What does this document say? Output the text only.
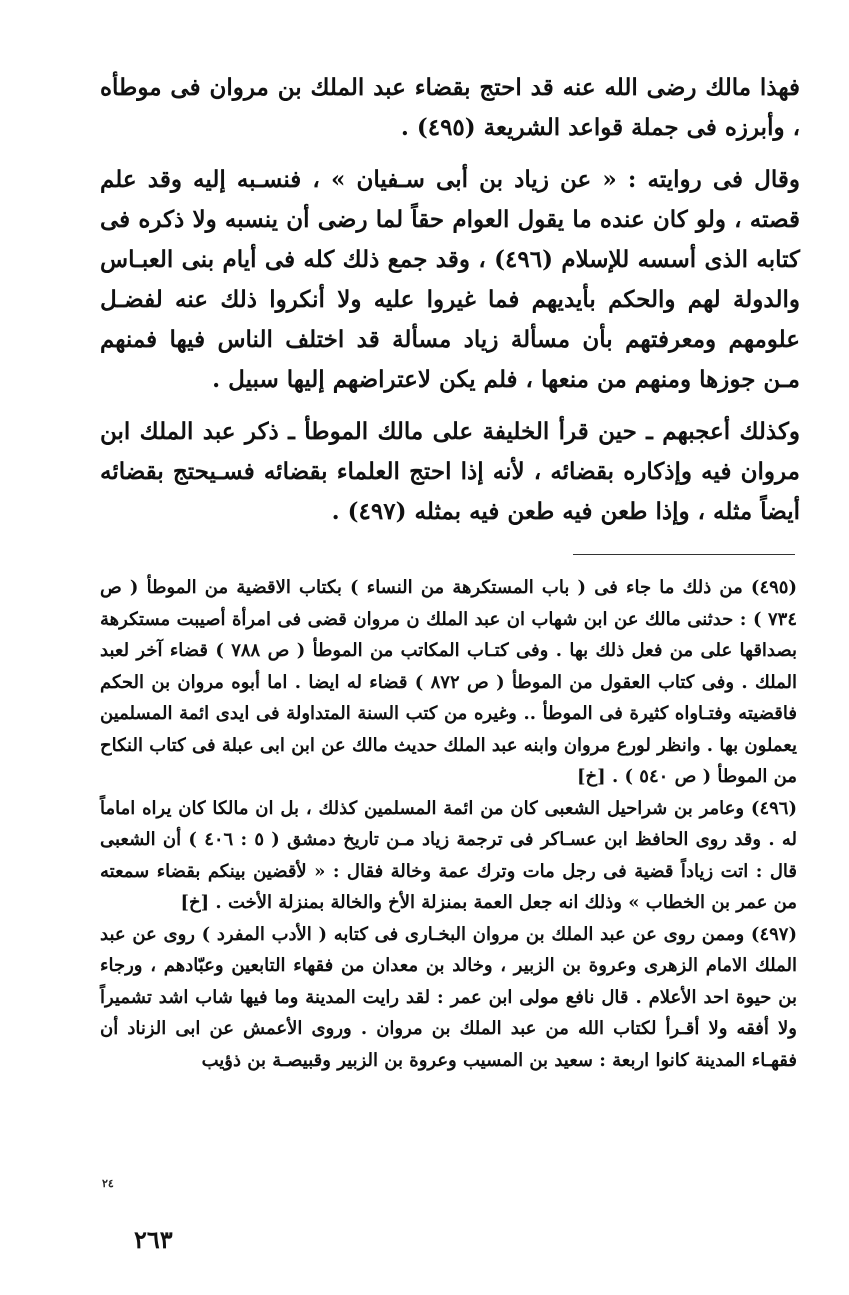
فهذا مالك رضى الله عنه قد احتج بقضاء عبد الملك بن مروان فى موطأه ، وأبرزه فى جملة قواعد الشريعة (٤٩٥) .

وقال فى روايته : « عن زياد بن أبى سـفيان » ، فنسـبه إليه وقد علم قصته ، ولو كان عنده ما يقول العوام حقاً لما رضى أن ينسبه ولا ذكره فى كتابه الذى أسسه للإسلام (٤٩٦) ، وقد جمع ذلك كله فى أيام بنى العبـاس والدولة لهم والحكم بأيديهم فما غيروا عليه ولا أنكروا ذلك عنه لفضـل علومهم ومعرفتهم بأن مسألة زياد مسألة قد اختلف الناس فيها فمنهم مـن جوزها ومنهم من منعها ، فلم يكن لاعتراضهم إليها سبيل .

وكذلك أعجبهم ـ حين قرأ الخليفة على مالك الموطأ ـ ذكر عبد الملك ابن مروان فيه وإذكاره بقضائه ، لأنه إذا احتج العلماء بقضائه فسـيحتج بقضائه أيضاً مثله ، وإذا طعن فيه طعن فيه بمثله (٤٩٧) .

(٤٩٥) من ذلك ما جاء فى ( باب المستكرهة من النساء ) بكتاب الاقضية من الموطأ ( ص ٧٣٤ ) : حدثنى مالك عن ابن شهاب ان عبد الملك ن مروان قضى فى امرأة أصيبت مستكرهة بصداقها على من فعل ذلك بها . وفى كتـاب المكاتب من الموطأ ( ص ٧٨٨ ) قضاء آخر لعبد الملك . وفى كتاب العقول من الموطأ ( ص ٨٧٢ ) قضاء له ايضا . اما أبوه مروان بن الحكم فاقضيته وفتـاواه كثيرة فى الموطأ .. وغيره من كتب السنة المتداولة فى ايدى ائمة المسلمين يعملون بها . وانظر لورع مروان وابنه عبد الملك حديث مالك عن ابن ابى عبلة فى كتاب النكاح من الموطأ ( ص ٥٤٠ ) . [خ]

(٤٩٦) وعامر بن شراحيل الشعبى كان من ائمة المسلمين كذلك ، بل ان مالكا كان يراه اماماً له . وقد روى الحافظ ابن عسـاكر فى ترجمة زياد مـن تاريخ دمشق ( ٥ : ٤٠٦ ) أن الشعبى قال : اتت زياداً قضية فى رجل مات وترك عمة وخالة فقال : « لأقضين بينكم بقضاء سمعته من عمر بن الخطاب » وذلك انه جعل العمة بمنزلة الأخ والخالة بمنزلة الأخت . [خ]

(٤٩٧) وممن روى عن عبد الملك بن مروان البخـارى فى كتابه ( الأدب المفرد ) روى عن عبد الملك الامام الزهرى وعروة بن الزبير ، وخالد بن معدان من فقهاء التابعين وعبّادهم ، ورجاء بن حيوة احد الأعلام . قال نافع مولى ابن عمر : لقد رايت المدينة وما فيها شاب اشد تشميراً ولا أفقه ولا أقـرأ لكتاب الله من عبد الملك بن مروان . وروى الأعمش عن ابى الزناد أن فقهـاء المدينة كانوا اربعة : سعيد بن المسيب وعروة بن الزبير وقبيصـة بن ذؤيب

٢٤
٢٦٣
